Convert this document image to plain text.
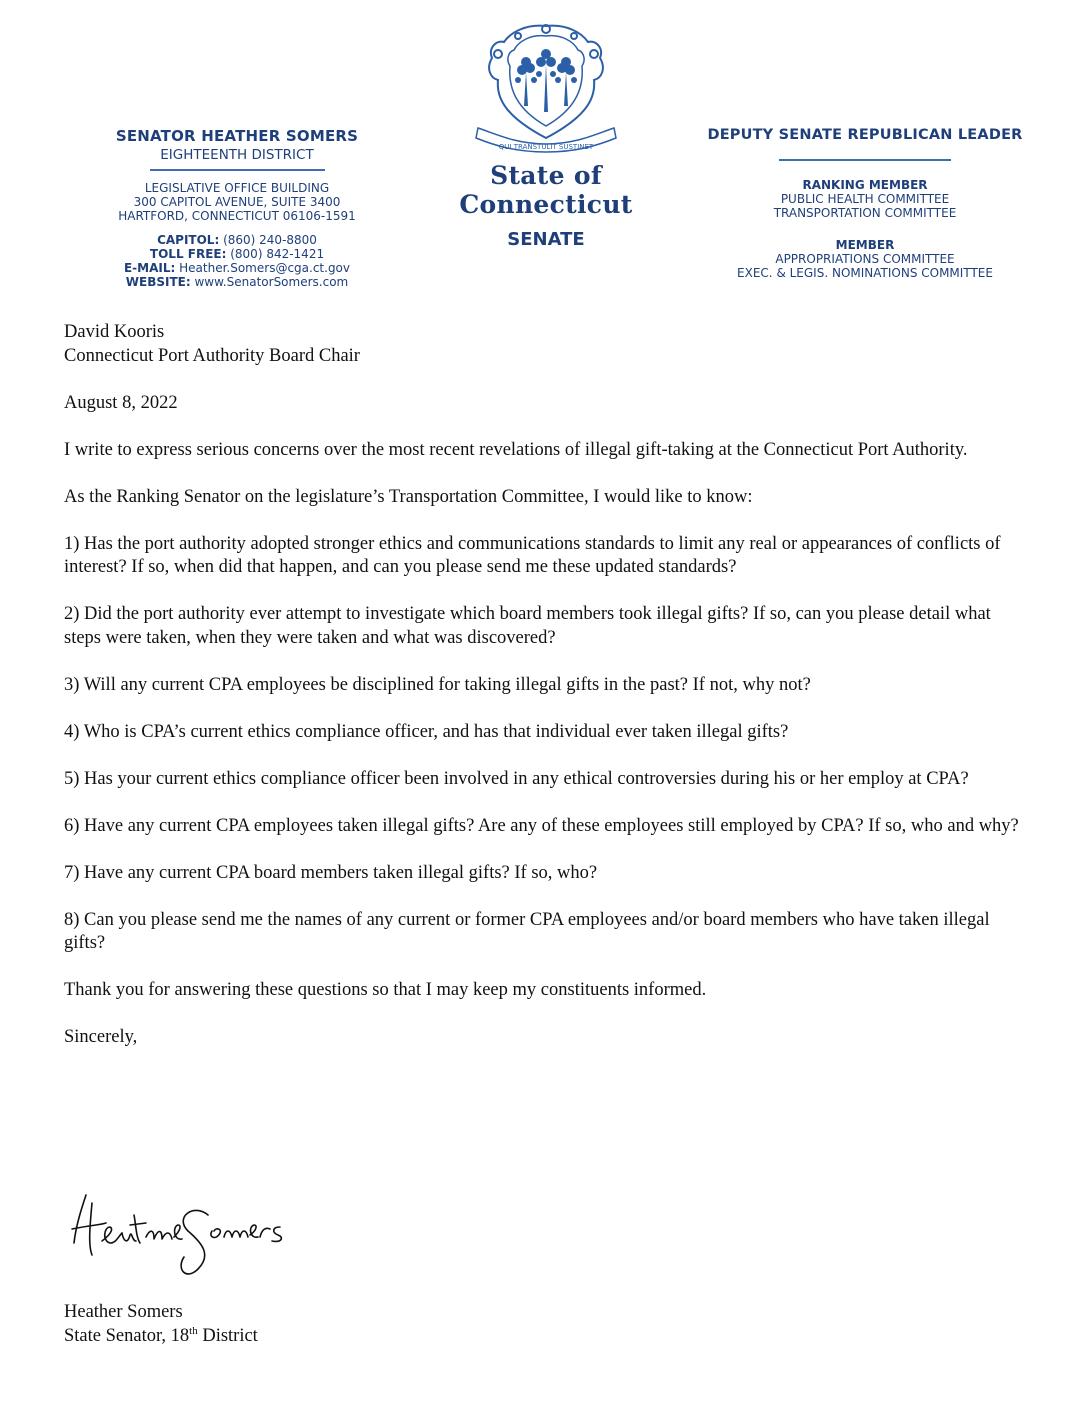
SENATOR HEATHER SOMERS
EIGHTEENTH DISTRICT
LEGISLATIVE OFFICE BUILDING
300 CAPITOL AVENUE, SUITE 3400
HARTFORD, CONNECTICUT 06106-1591
CAPITOL: (860) 240-8800
TOLL FREE: (800) 842-1421
E-MAIL: Heather.Somers@cga.ct.gov
WEBSITE: www.SenatorSomers.com
QUI TRANSTULIT SUSTINET
State of Connecticut
SENATE
DEPUTY SENATE REPUBLICAN LEADER
RANKING MEMBER
PUBLIC HEALTH COMMITTEE
TRANSPORTATION COMMITTEE
MEMBER
APPROPRIATIONS COMMITTEE
EXEC. & LEGIS. NOMINATIONS COMMITTEE

David Kooris

Connecticut Port Authority Board Chair

August 8, 2022

I write to express serious concerns over the most recent revelations of illegal gift-taking at the Connecticut Port Authority.

As the Ranking Senator on the legislature’s Transportation Committee, I would like to know:

1) Has the port authority adopted stronger ethics and communications standards to limit any real or appearances of conflicts of interest? If so, when did that happen, and can you please send me these updated standards?

2) Did the port authority ever attempt to investigate which board members took illegal gifts? If so, can you please detail what steps were taken, when they were taken and what was discovered?

3) Will any current CPA employees be disciplined for taking illegal gifts in the past? If not, why not?

4) Who is CPA’s current ethics compliance officer, and has that individual ever taken illegal gifts?

5) Has your current ethics compliance officer been involved in any ethical controversies during his or her employ at CPA?

6) Have any current CPA employees taken illegal gifts? Are any of these employees still employed by CPA? If so, who and why?

7) Have any current CPA board members taken illegal gifts? If so, who?

8) Can you please send me the names of any current or former CPA employees and/or board members who have taken illegal gifts?

Thank you for answering these questions so that I may keep my constituents informed.

Sincerely,

Heather Somers
State Senator, 18th District
